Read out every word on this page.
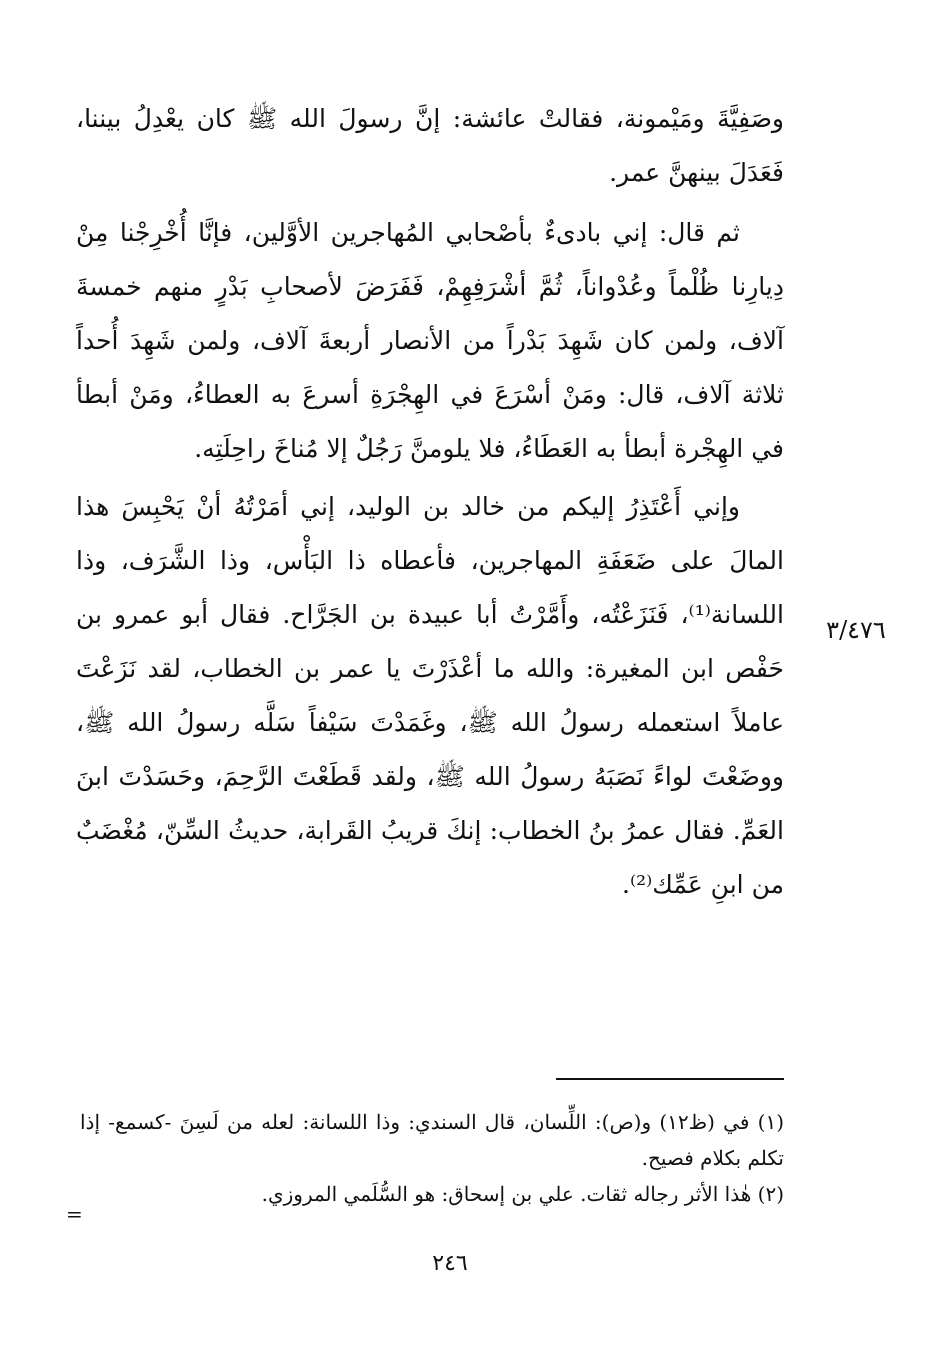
وصَفِيَّةَ ومَيْمونة، فقالتْ عائشة: إنَّ رسولَ الله ﷺ كان يعْدِلُ بيننا، فَعَدَلَ بينهنَّ عمر.

ثم قال: إني بادىءٌ بأصْحابي المُهاجرين الأوَّلين، فإنَّا أُخْرِجْنا مِنْ دِيارِنا ظُلْماً وعُدْواناً، ثُمَّ أشْرَفِهِمْ، فَفَرَضَ لأصحابِ بَدْرٍ منهم خمسةَ آلاف، ولمن كان شَهِدَ بَدْراً من الأنصار أربعةَ آلاف، ولمن شَهِدَ أُحداً ثلاثة آلاف، قال: ومَنْ أسْرَعَ في الهِجْرَةِ أسرعَ به العطاءُ، ومَنْ أبطأ في الهِجْرة أبطأ به العَطَاءُ، فلا يلومنَّ رَجُلٌ إلا مُناخَ راحِلَتِه.

وإني أَعْتَذِرُ إليكم من خالد بن الوليد، إني أمَرْتُهُ أنْ يَحْبِسَ هذا المالَ على ضَعَفَةِ المهاجرين، فأعطاه ذا البَأْس، وذا الشَّرَف، وذا اللسانة⁽¹⁾، فَنَزَعْتُه، وأَمَّرْتُ أبا عبيدة بن الجَرَّاح. فقال أبو عمرو بن حَفْص ابن المغيرة: والله ما أعْذَرْتَ يا عمر بن الخطاب، لقد نَزَعْتَ عاملاً استعمله رسولُ الله ﷺ، وغَمَدْتَ سَيْفاً سَلَّه رسولُ الله ﷺ، ووضَعْتَ لواءً نَصَبَهُ رسولُ الله ﷺ، ولقد قَطَعْتَ الرَّحِمَ، وحَسَدْتَ ابنَ العَمِّ. فقال عمرُ بنُ الخطاب: إنكَ قريبُ القَرابة، حديثُ السِّنّ، مُغْضَبٌ من ابنِ عَمِّك⁽²⁾.

٣/٤٧٦

(١) في (ظ١٢) و(ص): اللِّسان، قال السندي: وذا اللسانة: لعله من لَسِنَ -كسمع- إذا تكلم بكلام فصيح.

(٢) هٰذا الأثر رجاله ثقات. علي بن إسحاق: هو السُّلَمي المروزي.

=
٢٤٦
